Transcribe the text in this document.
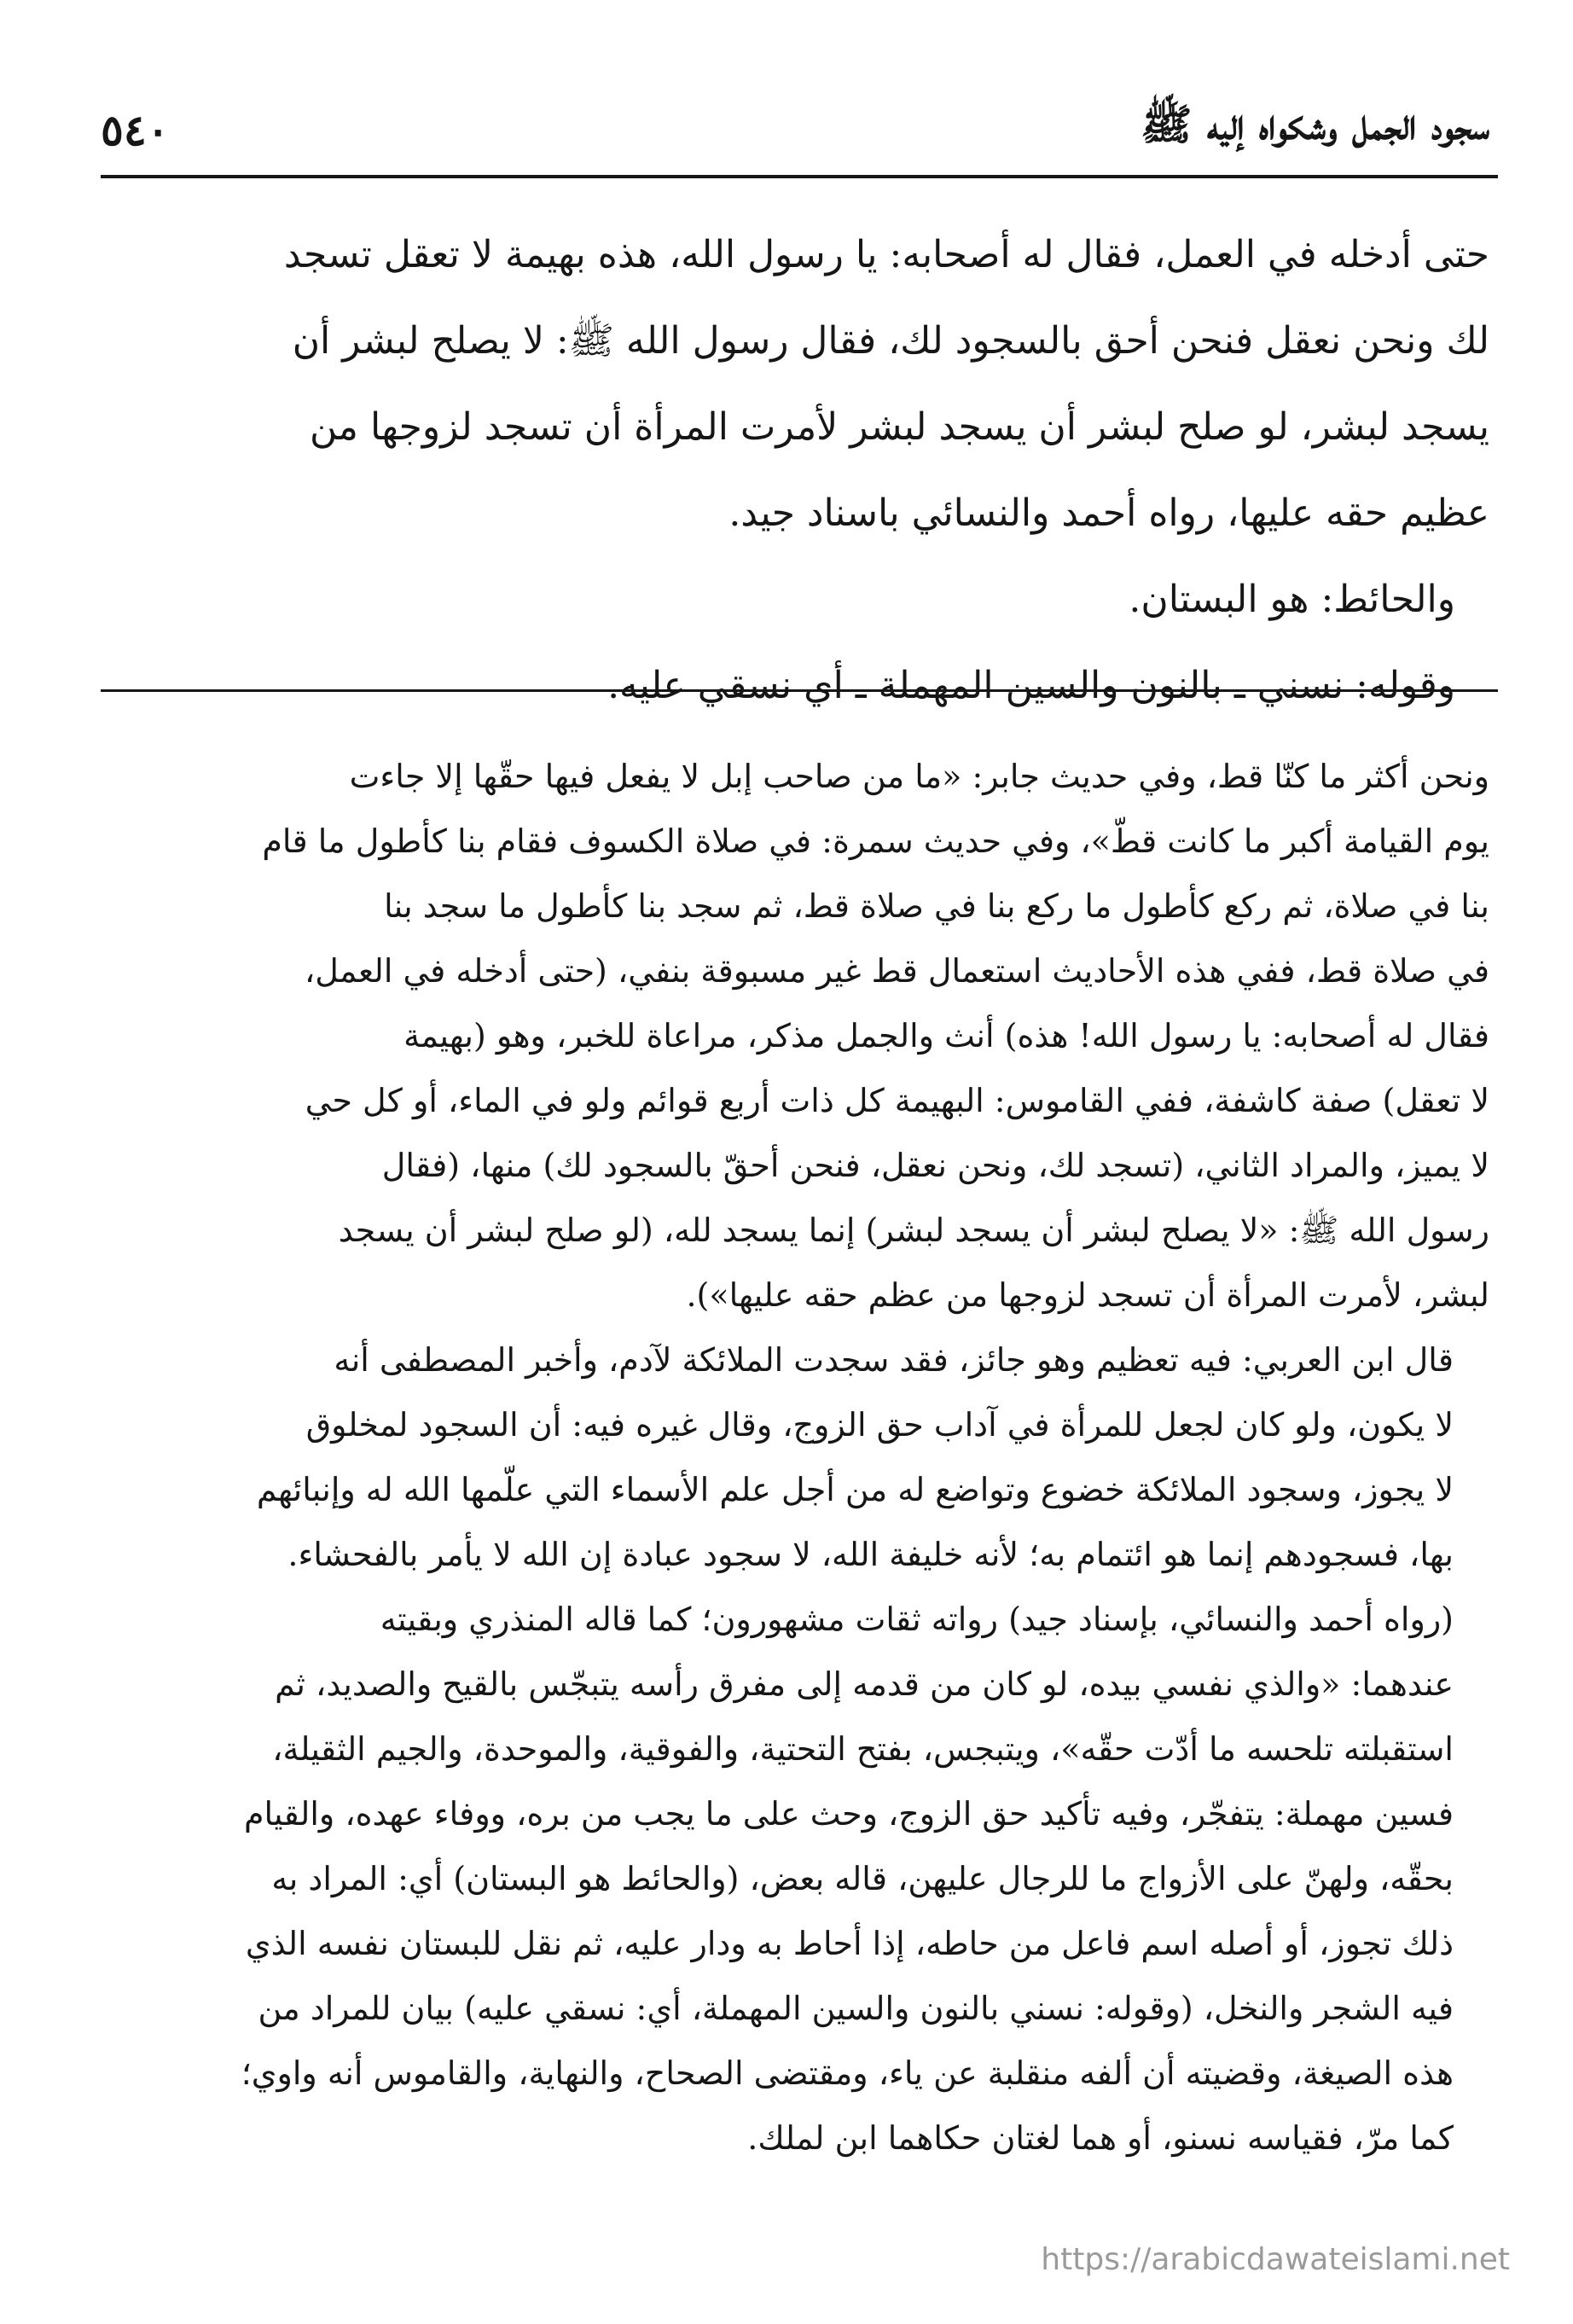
٥٤٠	سجود الجمل وشكواه إليه ﷺ

حتى أدخله في العمل، فقال له أصحابه: يا رسول الله، هذه بهيمة لا تعقل تسجد
لك ونحن نعقل فنحن أحق بالسجود لك، فقال رسول الله ﷺ: لا يصلح لبشر أن
يسجد لبشر، لو صلح لبشر أن يسجد لبشر لأمرت المرأة أن تسجد لزوجها من
عظيم حقه عليها، رواه أحمد والنسائي باسناد جيد.

والحائط: هو البستان.

وقوله: نسني ـ بالنون والسين المهملة ـ أي نسقي عليه.

ونحن أكثر ما كنّا قط، وفي حديث جابر: «ما من صاحب إبل لا يفعل فيها حقّها إلا جاءت
يوم القيامة أكبر ما كانت قطّ»، وفي حديث سمرة: في صلاة الكسوف فقام بنا كأطول ما قام
بنا في صلاة، ثم ركع كأطول ما ركع بنا في صلاة قط، ثم سجد بنا كأطول ما سجد بنا
في صلاة قط، ففي هذه الأحاديث استعمال قط غير مسبوقة بنفي، (حتى أدخله في العمل،
فقال له أصحابه: يا رسول الله! هذه) أنث والجمل مذكر، مراعاة للخبر، وهو (بهيمة
لا تعقل) صفة كاشفة، ففي القاموس: البهيمة كل ذات أربع قوائم ولو في الماء، أو كل حي
لا يميز، والمراد الثاني، (تسجد لك، ونحن نعقل، فنحن أحقّ بالسجود لك) منها، (فقال
رسول الله ﷺ: «لا يصلح لبشر أن يسجد لبشر) إنما يسجد لله، (لو صلح لبشر أن يسجد
لبشر، لأمرت المرأة أن تسجد لزوجها من عظم حقه عليها»).

قال ابن العربي: فيه تعظيم وهو جائز، فقد سجدت الملائكة لآدم، وأخبر المصطفى أنه
لا يكون، ولو كان لجعل للمرأة في آداب حق الزوج، وقال غيره فيه: أن السجود لمخلوق
لا يجوز، وسجود الملائكة خضوع وتواضع له من أجل علم الأسماء التي علّمها الله له وإنبائهم
بها، فسجودهم إنما هو ائتمام به؛ لأنه خليفة الله، لا سجود عبادة إن الله لا يأمر بالفحشاء.

(رواه أحمد والنسائي، بإسناد جيد) رواته ثقات مشهورون؛ كما قاله المنذري وبقيته
عندهما: «والذي نفسي بيده، لو كان من قدمه إلى مفرق رأسه يتبجّس بالقيح والصديد، ثم
استقبلته تلحسه ما أدّت حقّه»، ويتبجس، بفتح التحتية، والفوقية، والموحدة، والجيم الثقيلة،
فسين مهملة: يتفجّر، وفيه تأكيد حق الزوج، وحث على ما يجب من بره، ووفاء عهده، والقيام
بحقّه، ولهنّ على الأزواج ما للرجال عليهن، قاله بعض، (والحائط هو البستان) أي: المراد به
ذلك تجوز، أو أصله اسم فاعل من حاطه، إذا أحاط به ودار عليه، ثم نقل للبستان نفسه الذي
فيه الشجر والنخل، (وقوله: نسني بالنون والسين المهملة، أي: نسقي عليه) بيان للمراد من
هذه الصيغة، وقضيته أن ألفه منقلبة عن ياء، ومقتضى الصحاح، والنهاية، والقاموس أنه واوي؛
كما مرّ، فقياسه نسنو، أو هما لغتان حكاهما ابن لملك.

https://arabicdawateislami.net
